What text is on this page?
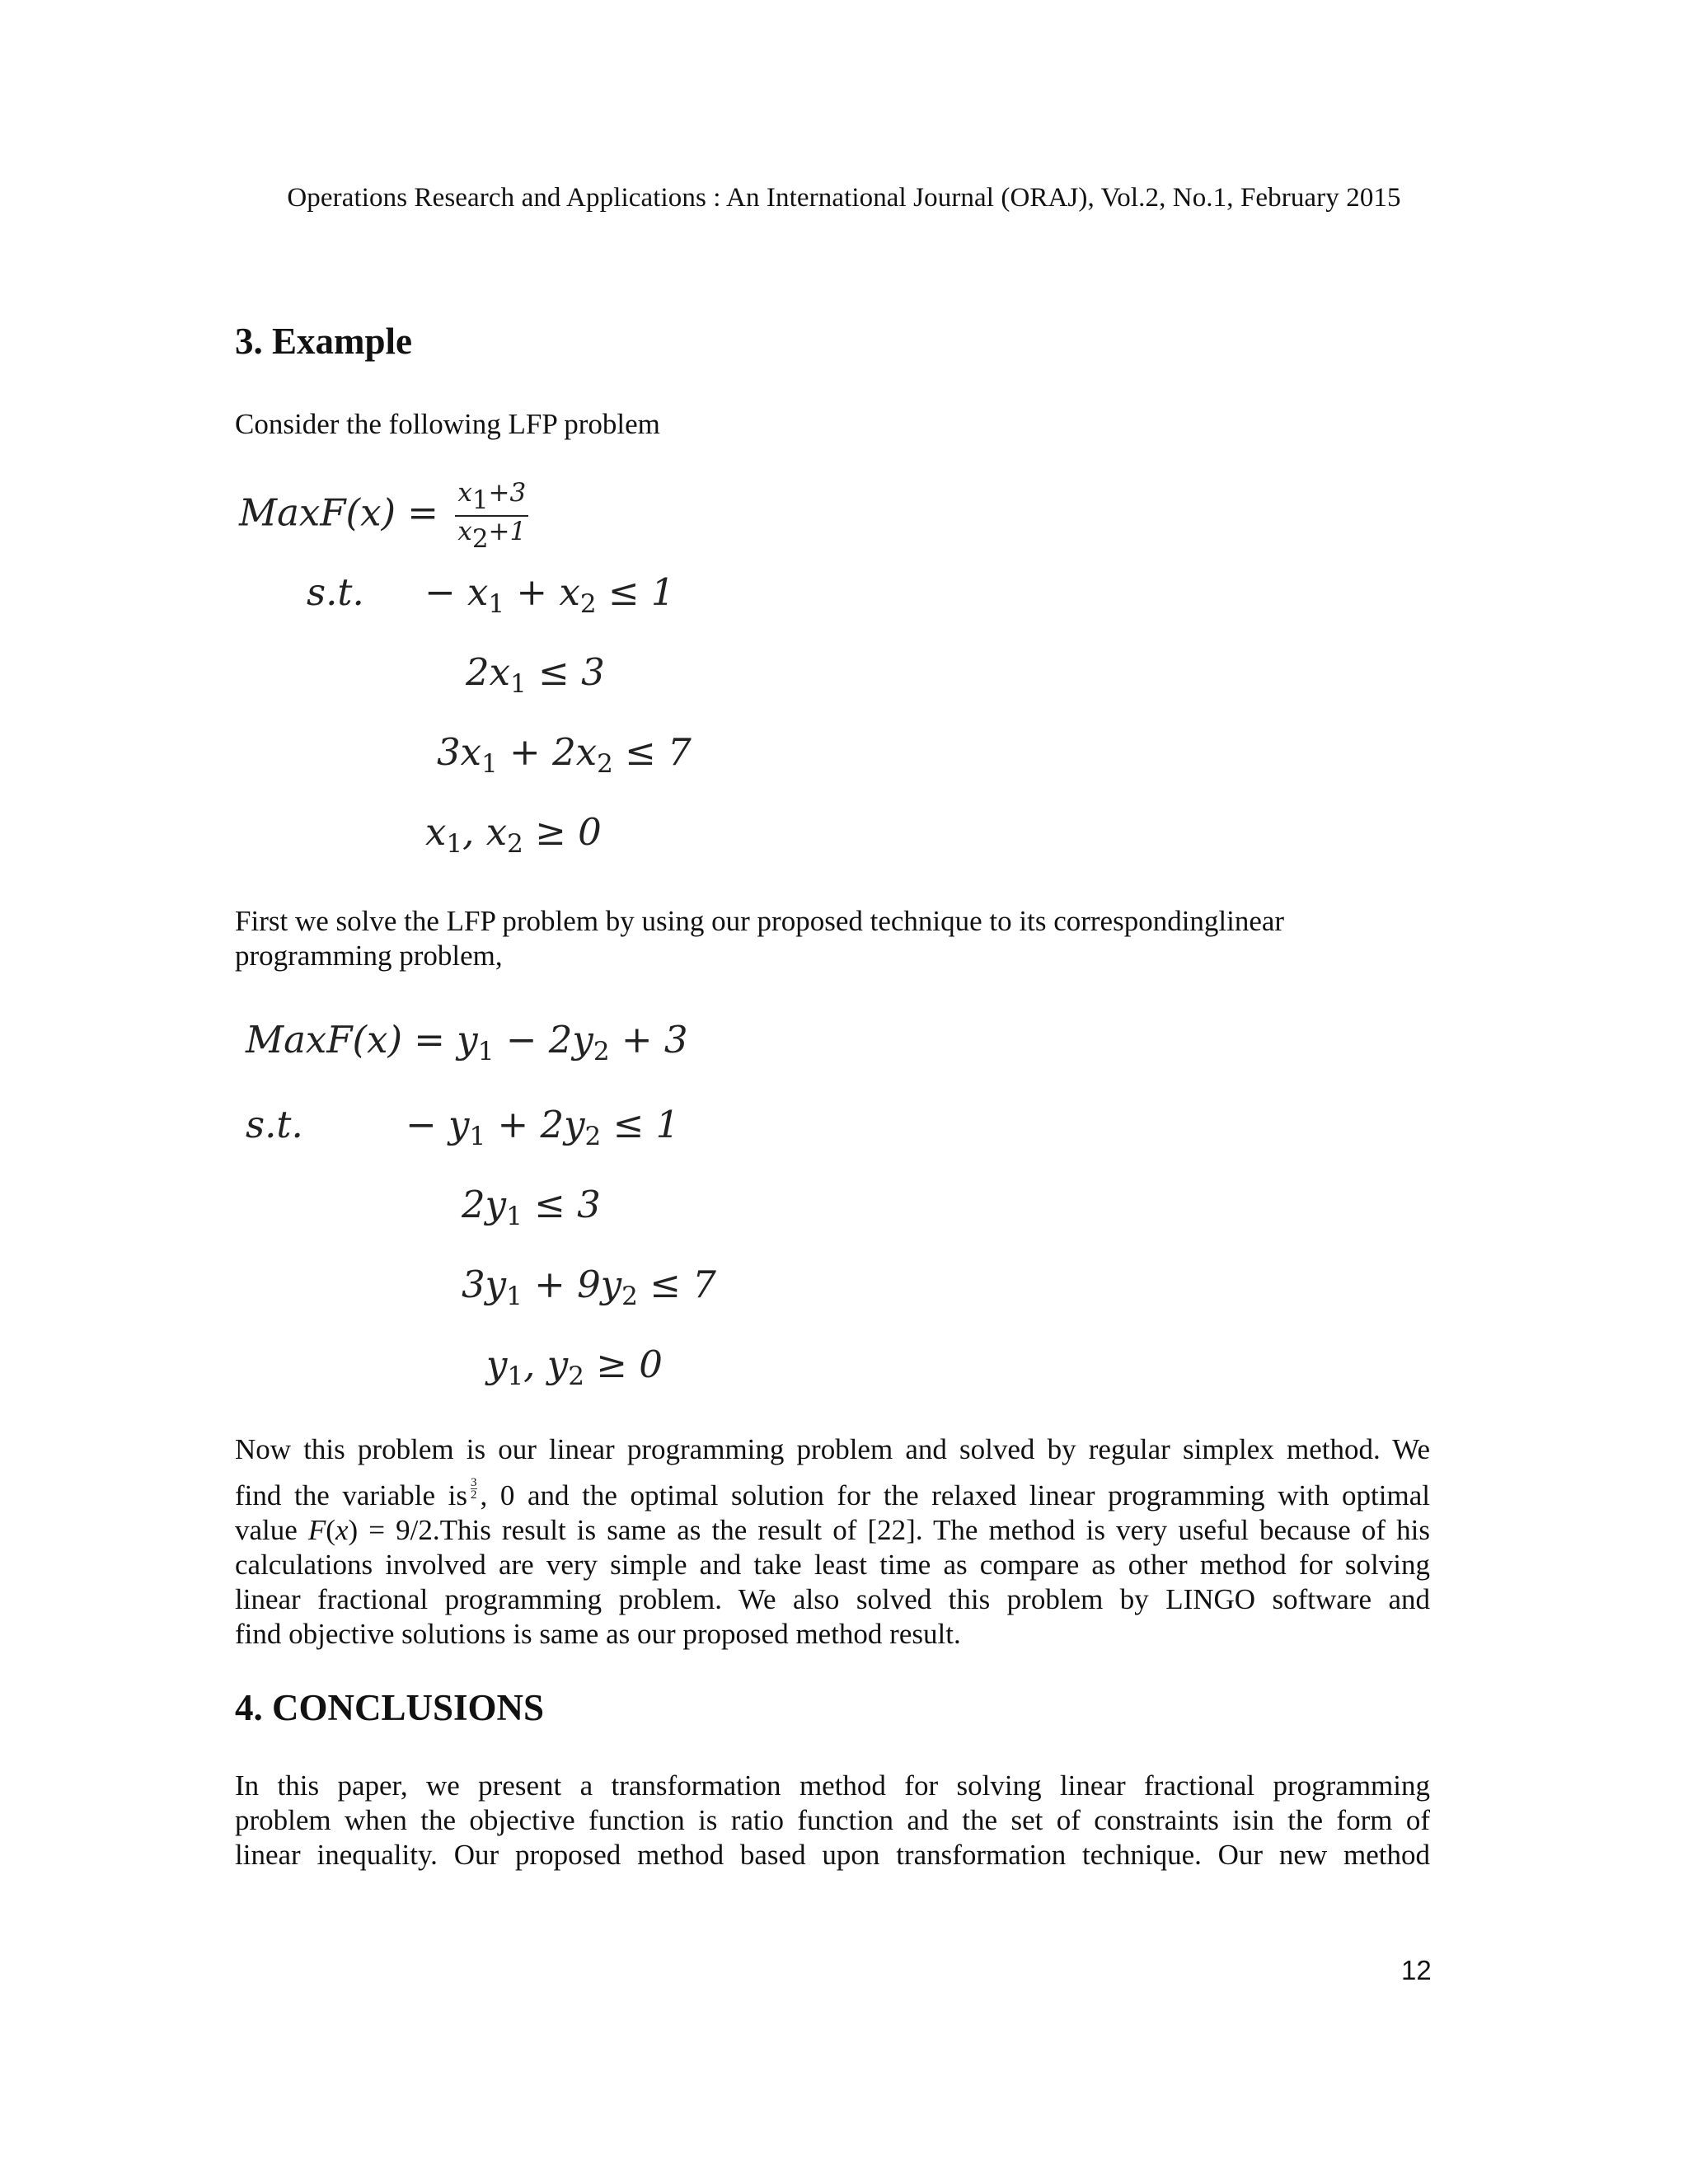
Operations Research and Applications : An International Journal (ORAJ), Vol.2, No.1, February 2015
3. Example
Consider the following LFP problem
MaxF(x) = $\frac{x1+3}{x2+1}$
s.t. − $x_1 + x_2 \le 1$
$2x_1 \le 3$
$3x_1 + 2x_2 \le 7$
$x_1$, $x_2 \ge 0$
First we solve the LFP problem by using our proposed technique to its correspondinglinear
programming problem,
MaxF(x) = $y_1 - 2y_2 + 3$
s.t.	− $y_1 + 2y_2 \le 1$
$2y_1 \le 3$
$3y_1 + 9y_2 \le 7$
$y_1$, $y_2 \ge 0$
Now this problem is our linear programming problem and solved by regular simplex method. We
find the variable is $\frac{3}{2}$ , 0 and the optimal solution for the relaxed linear programming with optimal
value F(x) = 9/2.This result is same as the result of [22]. The method is very useful because of his
calculations involved are very simple and take least time as compare as other method for solving
linear fractional programming problem. We also solved this problem by LINGO software and
find objective solutions is same as our proposed method result.
4. CONCLUSIONS
In this paper, we present a transformation method for solving linear fractional programming
problem when the objective function is ratio function and the set of constraints isin the form of
linear inequality. Our proposed method based upon transformation technique. Our new method
12
